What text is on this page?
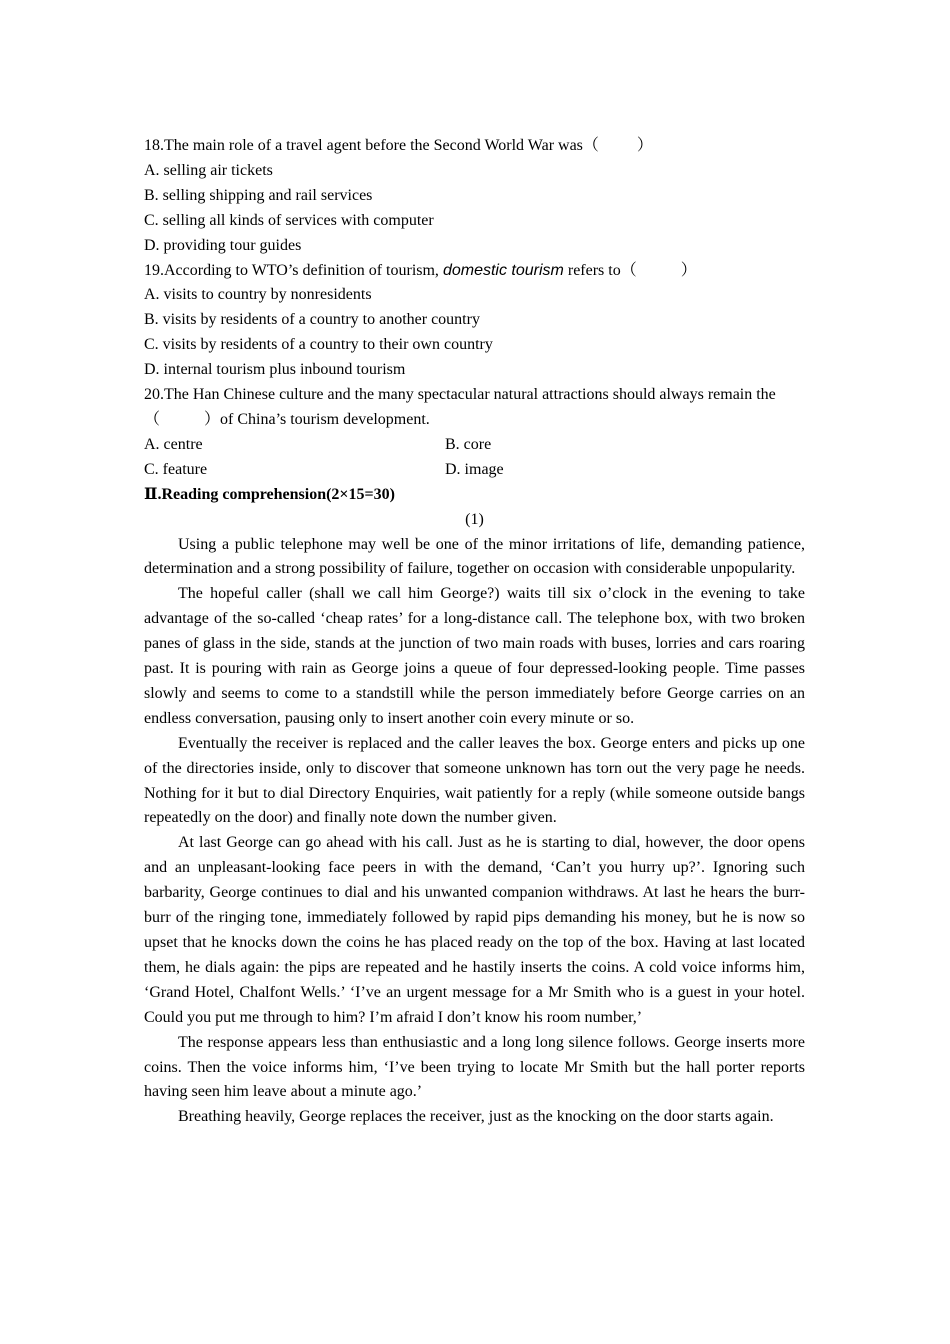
18.The main role of a travel agent before the Second World War was（ ）
A. selling air tickets
B. selling shipping and rail services
C. selling all kinds of services with computer
D. providing tour guides
19.According to WTO’s definition of tourism, domestic tourism refers to（	）
A. visits to country by nonresidents
B. visits by residents of a country to another country
C. visits by residents of a country to their own country
D. internal tourism plus inbound tourism
20.The Han Chinese culture and the many spectacular natural attractions should always remain the
（	）of China’s tourism development.
A. centre	B. core
C. feature	D. image
Ⅱ.Reading comprehension(2×15=30)
(1)

Using a public telephone may well be one of the minor irritations of life, demanding patience, determination and a strong possibility of failure, together on occasion with considerable unpopularity.

The hopeful caller (shall we call him George?) waits till six o’clock in the evening to take advantage of the so-called ‘cheap rates’ for a long-distance call. The telephone box, with two broken panes of glass in the side, stands at the junction of two main roads with buses, lorries and cars roaring past. It is pouring with rain as George joins a queue of four depressed-looking people. Time passes slowly and seems to come to a standstill while the person immediately before George carries on an endless conversation, pausing only to insert another coin every minute or so.

Eventually the receiver is replaced and the caller leaves the box. George enters and picks up one of the directories inside, only to discover that someone unknown has torn out the very page he needs. Nothing for it but to dial Directory Enquiries, wait patiently for a reply (while someone outside bangs repeatedly on the door) and finally note down the number given.

At last George can go ahead with his call. Just as he is starting to dial, however, the door opens and an unpleasant-looking face peers in with the demand, ‘Can’t you hurry up?’. Ignoring such barbarity, George continues to dial and his unwanted companion withdraws. At last he hears the burr-burr of the ringing tone, immediately followed by rapid pips demanding his money, but he is now so upset that he knocks down the coins he has placed ready on the top of the box. Having at last located them, he dials again: the pips are repeated and he hastily inserts the coins. A cold voice informs him, ‘Grand Hotel, Chalfont Wells.’ ‘I’ve an urgent message for a Mr Smith who is a guest in your hotel. Could you put me through to him? I’m afraid I don’t know his room number,’

The response appears less than enthusiastic and a long long silence follows. George inserts more coins. Then the voice informs him, ‘I’ve been trying to locate Mr Smith but the hall porter reports having seen him leave about a minute ago.’

Breathing heavily, George replaces the receiver, just as the knocking on the door starts again.
